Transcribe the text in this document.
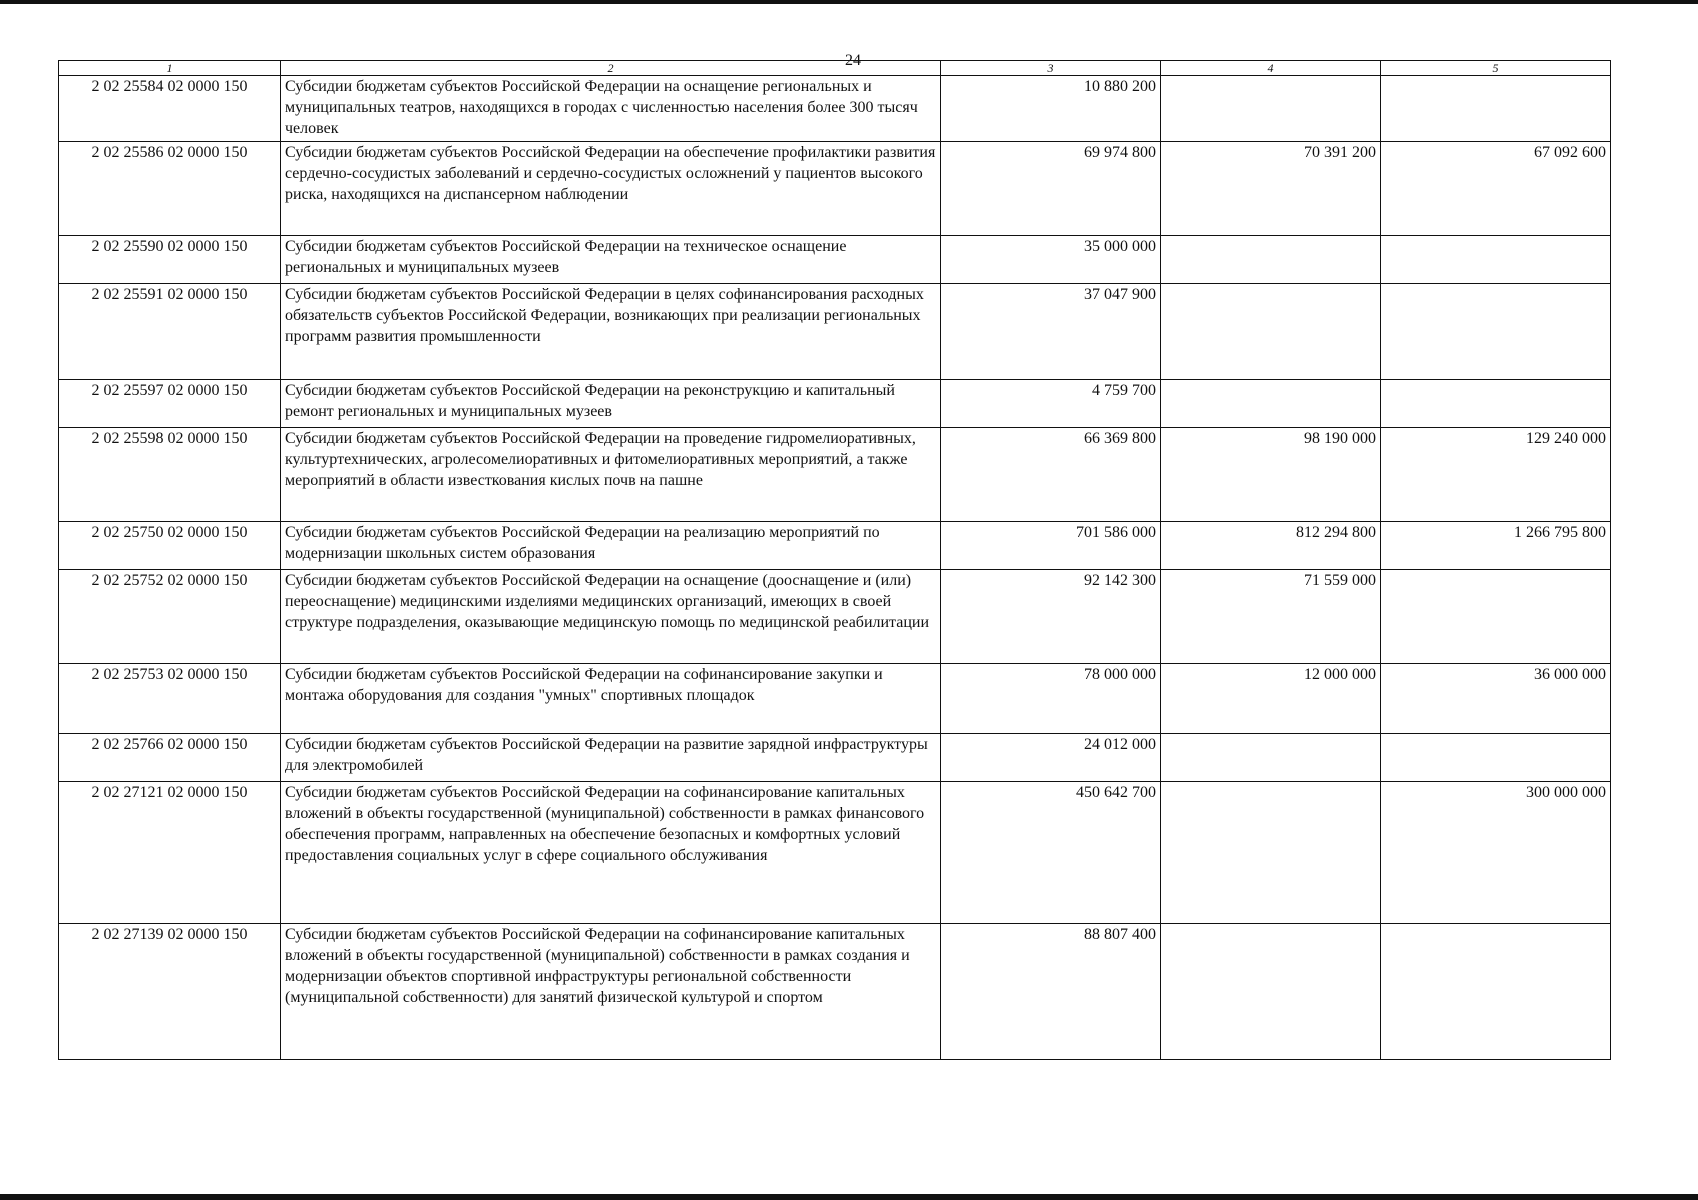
24
1	2	3	4	5
2 02 25584 02 0000 150	Субсидии бюджетам субъектов Российской Федерации на оснащение региональных и муниципальных театров, находящихся в городах с численностью населения более 300 тысяч человек	10 880 200		
2 02 25586 02 0000 150	Субсидии бюджетам субъектов Российской Федерации на обеспечение профилактики развития сердечно-сосудистых заболеваний и сердечно-сосудистых осложнений у пациентов высокого риска, находящихся на диспансерном наблюдении	69 974 800	70 391 200	67 092 600
2 02 25590 02 0000 150	Субсидии бюджетам субъектов Российской Федерации на техническое оснащение региональных и муниципальных музеев	35 000 000		
2 02 25591 02 0000 150	Субсидии бюджетам субъектов Российской Федерации в целях софинансирования расходных обязательств субъектов Российской Федерации, возникающих при реализации региональных программ развития промышленности	37 047 900		
2 02 25597 02 0000 150	Субсидии бюджетам субъектов Российской Федерации на реконструкцию и капитальный ремонт региональных и муниципальных музеев	4 759 700		
2 02 25598 02 0000 150	Субсидии бюджетам субъектов Российской Федерации на проведение гидромелиоративных, культуртехнических, агролесомелиоративных и фитомелиоративных мероприятий, а также мероприятий в области известкования кислых почв на пашне	66 369 800	98 190 000	129 240 000
2 02 25750 02 0000 150	Субсидии бюджетам субъектов Российской Федерации на реализацию мероприятий по модернизации школьных систем образования	701 586 000	812 294 800	1 266 795 800
2 02 25752 02 0000 150	Субсидии бюджетам субъектов Российской Федерации на оснащение (дооснащение и (или) переоснащение) медицинскими изделиями медицинских организаций, имеющих в своей структуре подразделения, оказывающие медицинскую помощь по медицинской реабилитации	92 142 300	71 559 000	
2 02 25753 02 0000 150	Субсидии бюджетам субъектов Российской Федерации на софинансирование закупки и монтажа оборудования для создания "умных" спортивных площадок	78 000 000	12 000 000	36 000 000
2 02 25766 02 0000 150	Субсидии бюджетам субъектов Российской Федерации на развитие зарядной инфраструктуры для электромобилей	24 012 000		
2 02 27121 02 0000 150	Субсидии бюджетам субъектов Российской Федерации на софинансирование капитальных вложений в объекты государственной (муниципальной) собственности в рамках финансового обеспечения программ, направленных на обеспечение безопасных и комфортных условий предоставления социальных услуг в сфере социального обслуживания	450 642 700		300 000 000
2 02 27139 02 0000 150	Субсидии бюджетам субъектов Российской Федерации на софинансирование капитальных вложений в объекты государственной (муниципальной) собственности в рамках создания и модернизации объектов спортивной инфраструктуры региональной собственности (муниципальной собственности) для занятий физической культурой и спортом	88 807 400		
